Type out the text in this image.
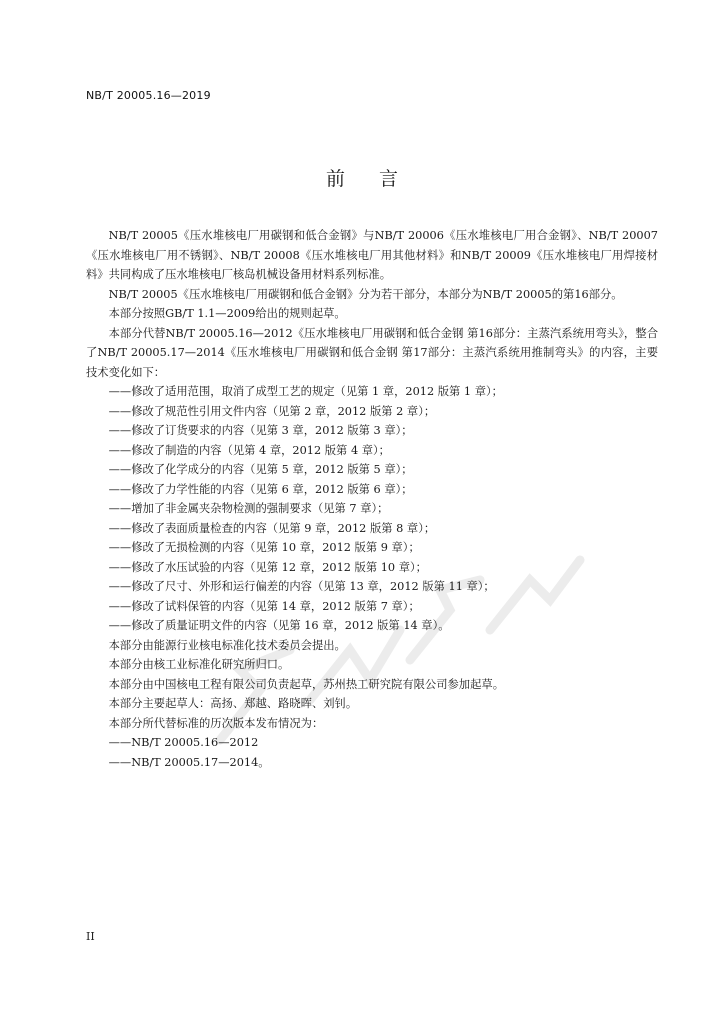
NB/T 20005.16—2019
前言

NB/T 20005《压水堆核电厂用碳钢和低合金钢》与NB/T 20006《压水堆核电厂用合金钢》、NB/T 20007《压水堆核电厂用不锈钢》、NB/T 20008《压水堆核电厂用其他材料》和NB/T 20009《压水堆核电厂用焊接材料》共同构成了压水堆核电厂核岛机械设备用材料系列标准。

NB/T 20005《压水堆核电厂用碳钢和低合金钢》分为若干部分，本部分为NB/T 20005的第16部分。

本部分按照GB/T 1.1—2009给出的规则起草。

本部分代替NB/T 20005.16—2012《压水堆核电厂用碳钢和低合金钢 第16部分：主蒸汽系统用弯头》，整合了NB/T 20005.17—2014《压水堆核电厂用碳钢和低合金钢 第17部分：主蒸汽系统用推制弯头》的内容，主要技术变化如下：

——修改了适用范围，取消了成型工艺的规定（见第 1 章，2012 版第 1 章）；

——修改了规范性引用文件内容（见第 2 章，2012 版第 2 章）；

——修改了订货要求的内容（见第 3 章，2012 版第 3 章）；

——修改了制造的内容（见第 4 章，2012 版第 4 章）；

——修改了化学成分的内容（见第 5 章，2012 版第 5 章）；

——修改了力学性能的内容（见第 6 章，2012 版第 6 章）；

——增加了非金属夹杂物检测的强制要求（见第 7 章）；

——修改了表面质量检查的内容（见第 9 章，2012 版第 8 章）；

——修改了无损检测的内容（见第 10 章，2012 版第 9 章）；

——修改了水压试验的内容（见第 12 章，2012 版第 10 章）；

——修改了尺寸、外形和运行偏差的内容（见第 13 章，2012 版第 11 章）；

——修改了试料保管的内容（见第 14 章，2012 版第 7 章）；

——修改了质量证明文件的内容（见第 16 章，2012 版第 14 章）。

本部分由能源行业核电标准化技术委员会提出。

本部分由核工业标准化研究所归口。

本部分由中国核电工程有限公司负责起草，苏州热工研究院有限公司参加起草。

本部分主要起草人：高扬、郑越、路晓晖、刘钊。

本部分所代替标准的历次版本发布情况为：

——NB/T 20005.16—2012

——NB/T 20005.17—2014。

II
